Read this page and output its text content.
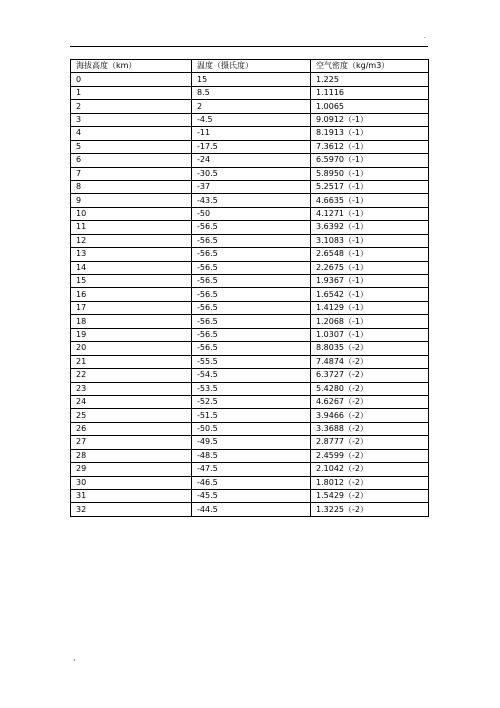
·
海拔高度（km）	温度（摄氏度）	空气密度（kg/m3）
0	15	1.225
1	8.5	1.1116
2	2	1.0065
3	-4.5	9.0912（-1）
4	-11	8.1913（-1）
5	-17.5	7.3612（-1）
6	-24	6.5970（-1）
7	-30.5	5.8950（-1）
8	-37	5.2517（-1）
9	-43.5	4.6635（-1）
10	-50	4.1271（-1）
11	-56.5	3.6392（-1）
12	-56.5	3.1083（-1）
13	-56.5	2.6548（-1）
14	-56.5	2.2675（-1）
15	-56.5	1.9367（-1）
16	-56.5	1.6542（-1）
17	-56.5	1.4129（-1）
18	-56.5	1.2068（-1）
19	-56.5	1.0307（-1）
20	-56.5	8.8035（-2）
21	-55.5	7.4874（-2）
22	-54.5	6.3727（-2）
23	-53.5	5.4280（-2）
24	-52.5	4.6267（-2）
25	-51.5	3.9466（-2）
26	-50.5	3.3688（-2）
27	-49.5	2.8777（-2）
28	-48.5	2.4599（-2）
29	-47.5	2.1042（-2）
30	-46.5	1.8012（-2）
31	-45.5	1.5429（-2）
32	-44.5	1.3225（-2）
、
